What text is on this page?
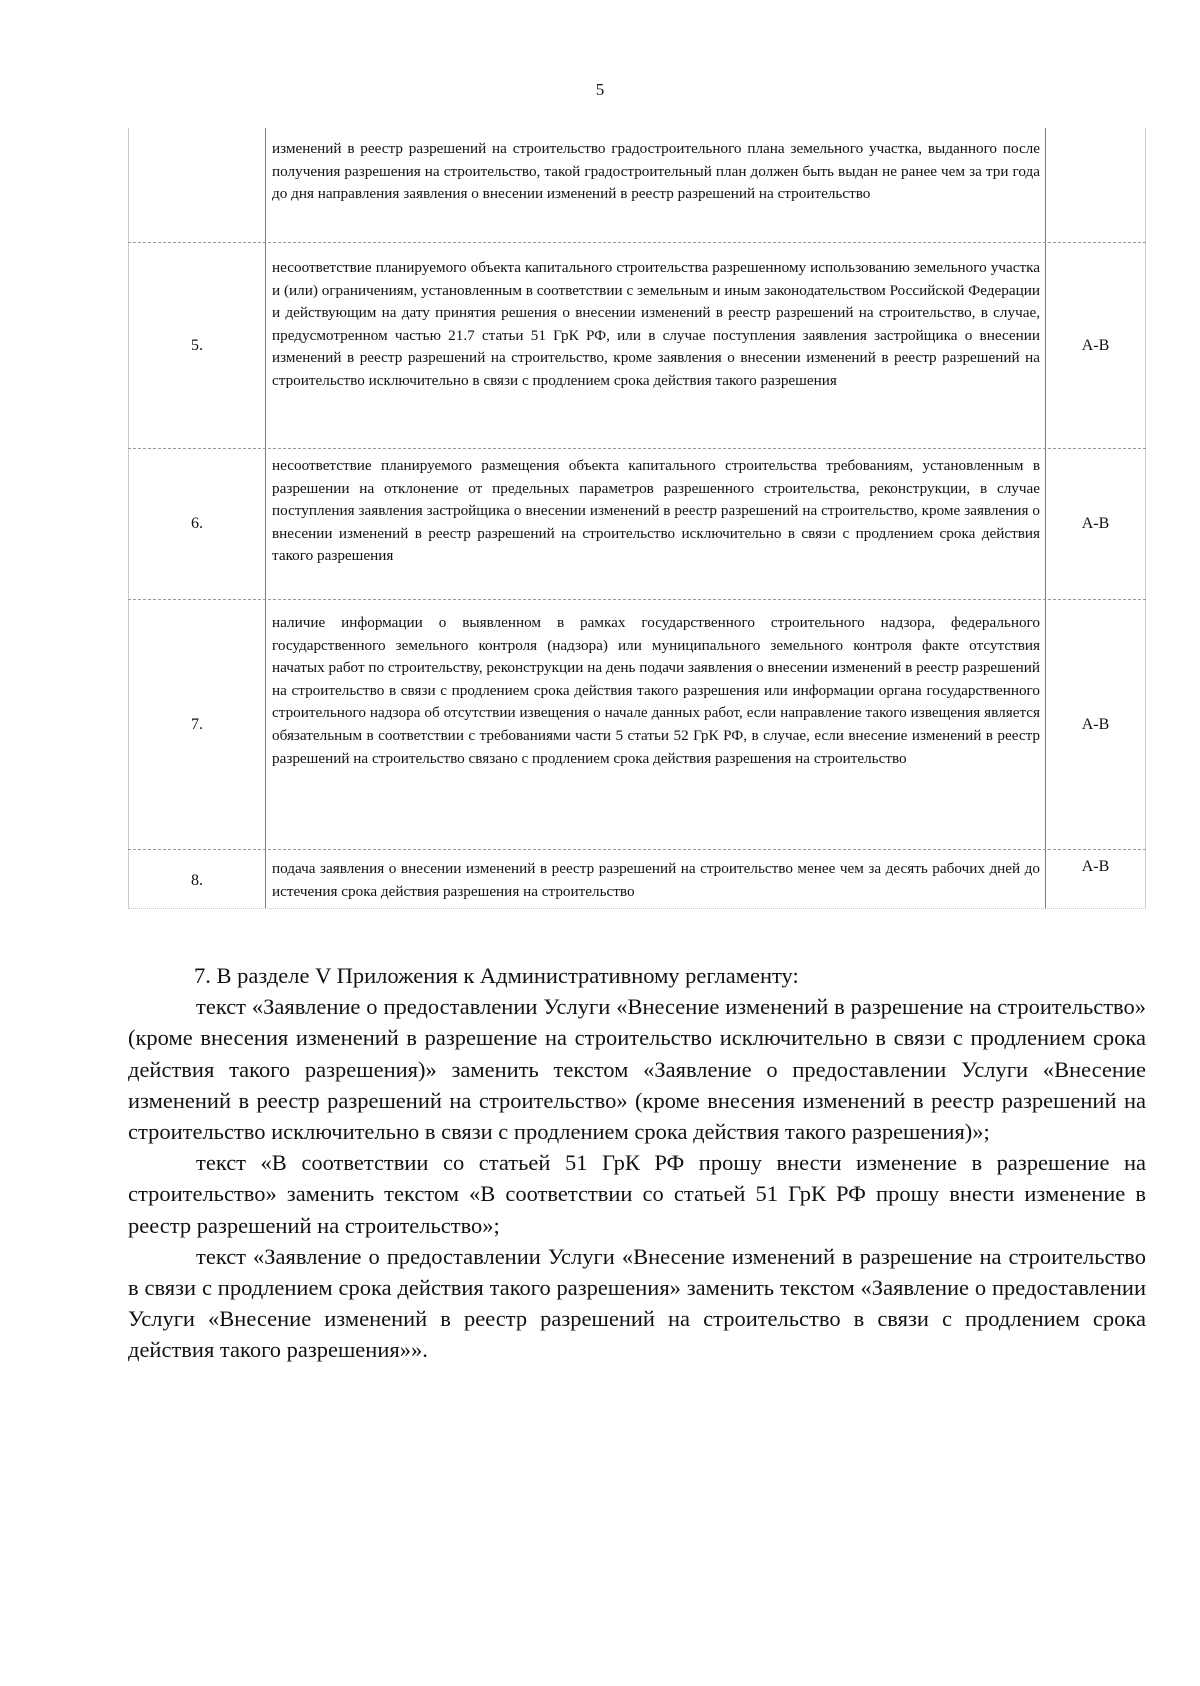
5
изменений в реестр разрешений на строительство градостроительного плана земельного участка, выданного после получения разрешения на строительство, такой градостроительный план должен быть выдан не ранее чем за три года до дня направления заявления о внесении изменений в реестр разрешений на строительство
5.
несоответствие планируемого объекта капитального строительства разрешенному использованию земельного участка и (или) ограничениям, установленным в соответствии с земельным и иным законодательством Российской Федерации и действующим на дату принятия решения о внесении изменений в реестр разрешений на строительство, в случае, предусмотренном частью 21.7 статьи 51 ГрК РФ, или в случае поступления заявления застройщика о внесении изменений в реестр разрешений на строительство, кроме заявления о внесении изменений в реестр разрешений на строительство исключительно в связи с продлением срока действия такого разрешения
А-В
6.
несоответствие планируемого размещения объекта капитального строительства требованиям, установленным в разрешении на отклонение от предельных параметров разрешенного строительства, реконструкции, в случае поступления заявления застройщика о внесении изменений в реестр разрешений на строительство, кроме заявления о внесении изменений в реестр разрешений на строительство исключительно в связи с продлением срока действия такого разрешения
А-В
7.
наличие информации о выявленном в рамках государственного строительного надзора, федерального государственного земельного контроля (надзора) или муниципального земельного контроля факте отсутствия начатых работ по строительству, реконструкции на день подачи заявления о внесении изменений в реестр разрешений на строительство в связи с продлением срока действия такого разрешения или информации органа государственного строительного надзора об отсутствии извещения о начале данных работ, если направление такого извещения является обязательным в соответствии с требованиями части 5 статьи 52 ГрК РФ, в случае, если внесение изменений в реестр разрешений на строительство связано с продлением срока действия разрешения на строительство
А-В
8.
подача заявления о внесении изменений в реестр разрешений на строительство менее чем за десять рабочих дней до истечения срока действия разрешения на строительство
А-В

7. В разделе V Приложения к Административному регламенту:

текст «Заявление о предоставлении Услуги «Внесение изменений в разрешение на строительство» (кроме внесения изменений в разрешение на строительство исключительно в связи с продлением срока действия такого разрешения)» заменить текстом «Заявление о предоставлении Услуги «Внесение изменений в реестр разрешений на строительство» (кроме внесения изменений в реестр разрешений на строительство исключительно в связи с продлением срока действия такого разрешения)»;

текст «В соответствии со статьей 51 ГрК РФ прошу внести изменение в разрешение на строительство» заменить текстом «В соответствии со статьей 51 ГрК РФ прошу внести изменение в реестр разрешений на строительство»;

текст «Заявление о предоставлении Услуги «Внесение изменений в разрешение на строительство в связи с продлением срока действия такого разрешения» заменить текстом «Заявление о предоставлении Услуги «Внесение изменений в реестр разрешений на строительство в связи с продлением срока действия такого разрешения»».
